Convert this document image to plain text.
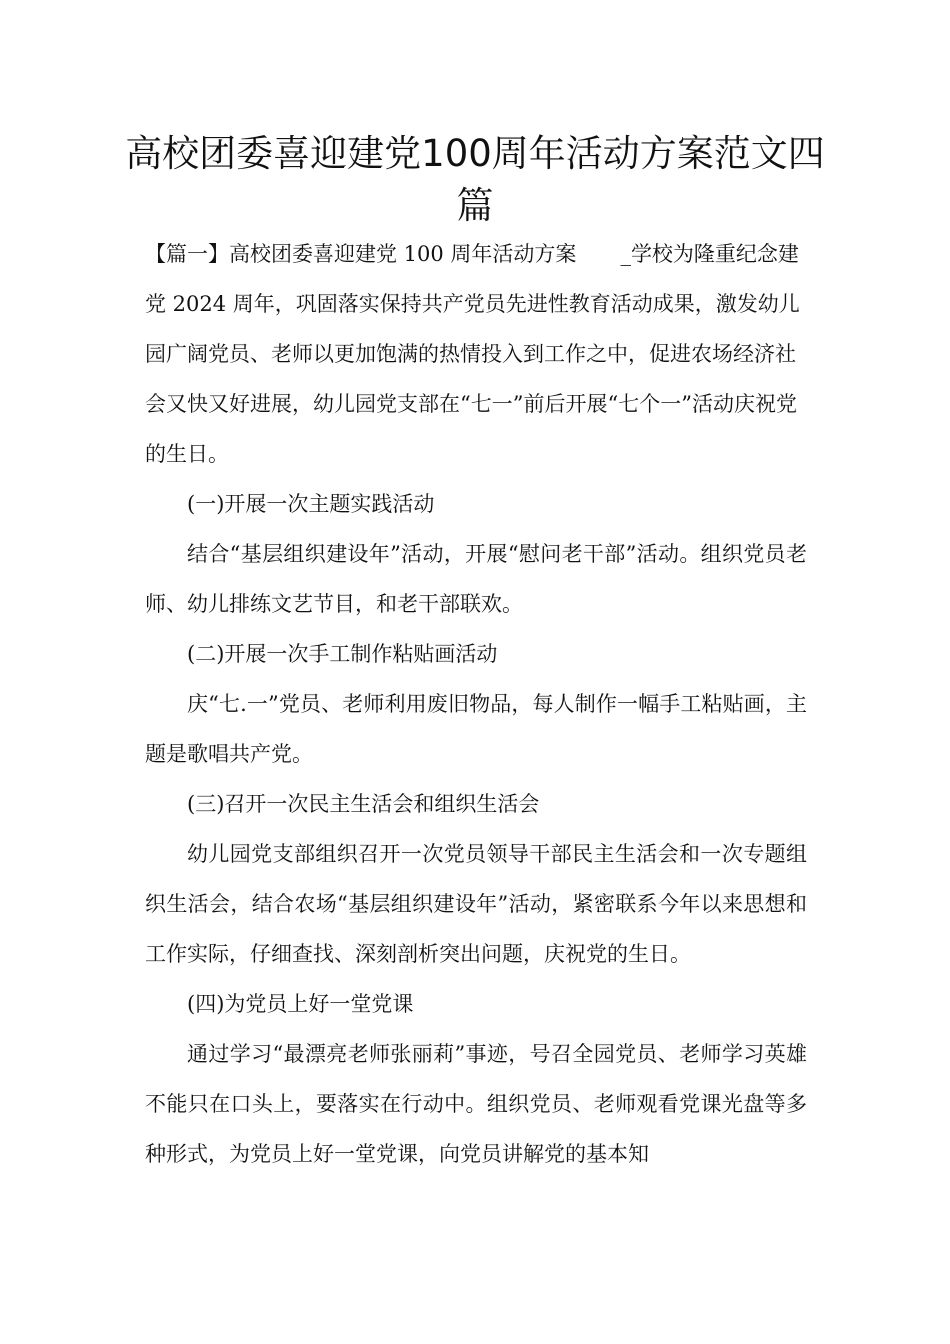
高校团委喜迎建党100周年活动方案范文四篇

【篇一】高校团委喜迎建党 100 周年活动方案 _学校为隆重纪念建党 2024 周年，巩固落实保持共产党员先进性教育活动成果，激发幼儿园广阔党员、老师以更加饱满的热情投入到工作之中，促进农场经济社会又快又好进展，幼儿园党支部在“七一”前后开展“七个一”活动庆祝党的生日。

(一)开展一次主题实践活动

结合“基层组织建设年”活动，开展“慰问老干部”活动。组织党员老师、幼儿排练文艺节目，和老干部联欢。

(二)开展一次手工制作粘贴画活动

庆“七.一”党员、老师利用废旧物品，每人制作一幅手工粘贴画，主题是歌唱共产党。

(三)召开一次民主生活会和组织生活会

幼儿园党支部组织召开一次党员领导干部民主生活会和一次专题组织生活会，结合农场“基层组织建设年”活动，紧密联系今年以来思想和工作实际，仔细查找、深刻剖析突出问题，庆祝党的生日。

(四)为党员上好一堂党课

通过学习“最漂亮老师张丽莉”事迹，号召全园党员、老师学习英雄不能只在口头上，要落实在行动中。组织党员、老师观看党课光盘等多种形式，为党员上好一堂党课，向党员讲解党的基本知
